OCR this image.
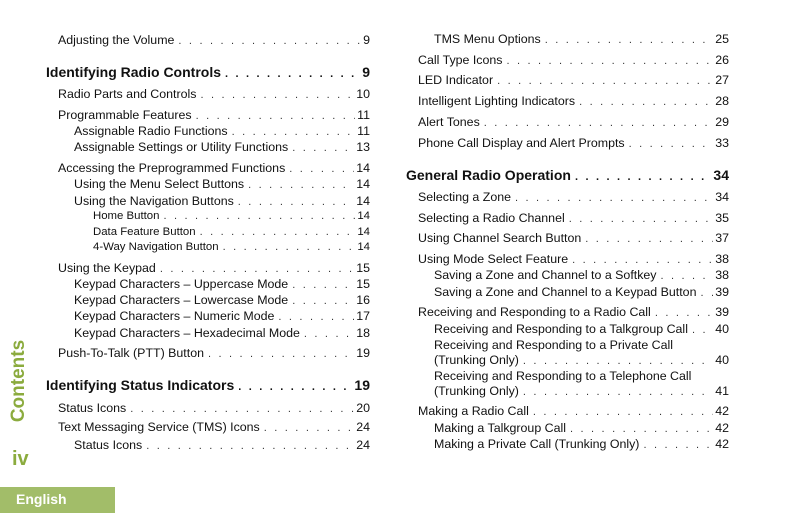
Adjusting the Volume . . .	9
Identifying Radio Controls . . .	9
Radio Parts and Controls . . .	10
Programmable Features . . .	11
Assignable Radio Functions . . .	11
Assignable Settings or Utility Functions . . .	13
Accessing the Preprogrammed Functions . . .	14
Using the Menu Select Buttons . . .	14
Using the Navigation Buttons . . .	14
Home Button . . .	14
Data Feature Button . . .	14
4-Way Navigation Button . . .	14
Using the Keypad . . .	15
Keypad Characters – Uppercase Mode . . .	15
Keypad Characters – Lowercase Mode . . .	16
Keypad Characters – Numeric Mode . . .	17
Keypad Characters – Hexadecimal Mode . . .	18
Push-To-Talk (PTT) Button . . .	19
Identifying Status Indicators . . .	19
Status Icons . . .	20
Text Messaging Service (TMS) Icons . . .	24
Status Icons . . .	24
TMS Menu Options . . .	25
Call Type Icons . . .	26
LED Indicator . . .	27
Intelligent Lighting Indicators . . .	28
Alert Tones . . .	29
Phone Call Display and Alert Prompts . . .	33
General Radio Operation . . .	34
Selecting a Zone . . .	34
Selecting a Radio Channel . . .	35
Using Channel Search Button . . .	37
Using Mode Select Feature . . .	38
Saving a Zone and Channel to a Softkey . . .	38
Saving a Zone and Channel to a Keypad Button . . . 39
Receiving and Responding to a Radio Call . . .	39
Receiving and Responding to a Talkgroup Call . . . 40
Receiving and Responding to a Private Call
(Trunking Only) . . .	40
Receiving and Responding to a Telephone Call
(Trunking Only) . . .	41
Making a Radio Call . . .	42
Making a Talkgroup Call . . .	42
Making a Private Call (Trunking Only) . . .	42
Contents
iv
English
